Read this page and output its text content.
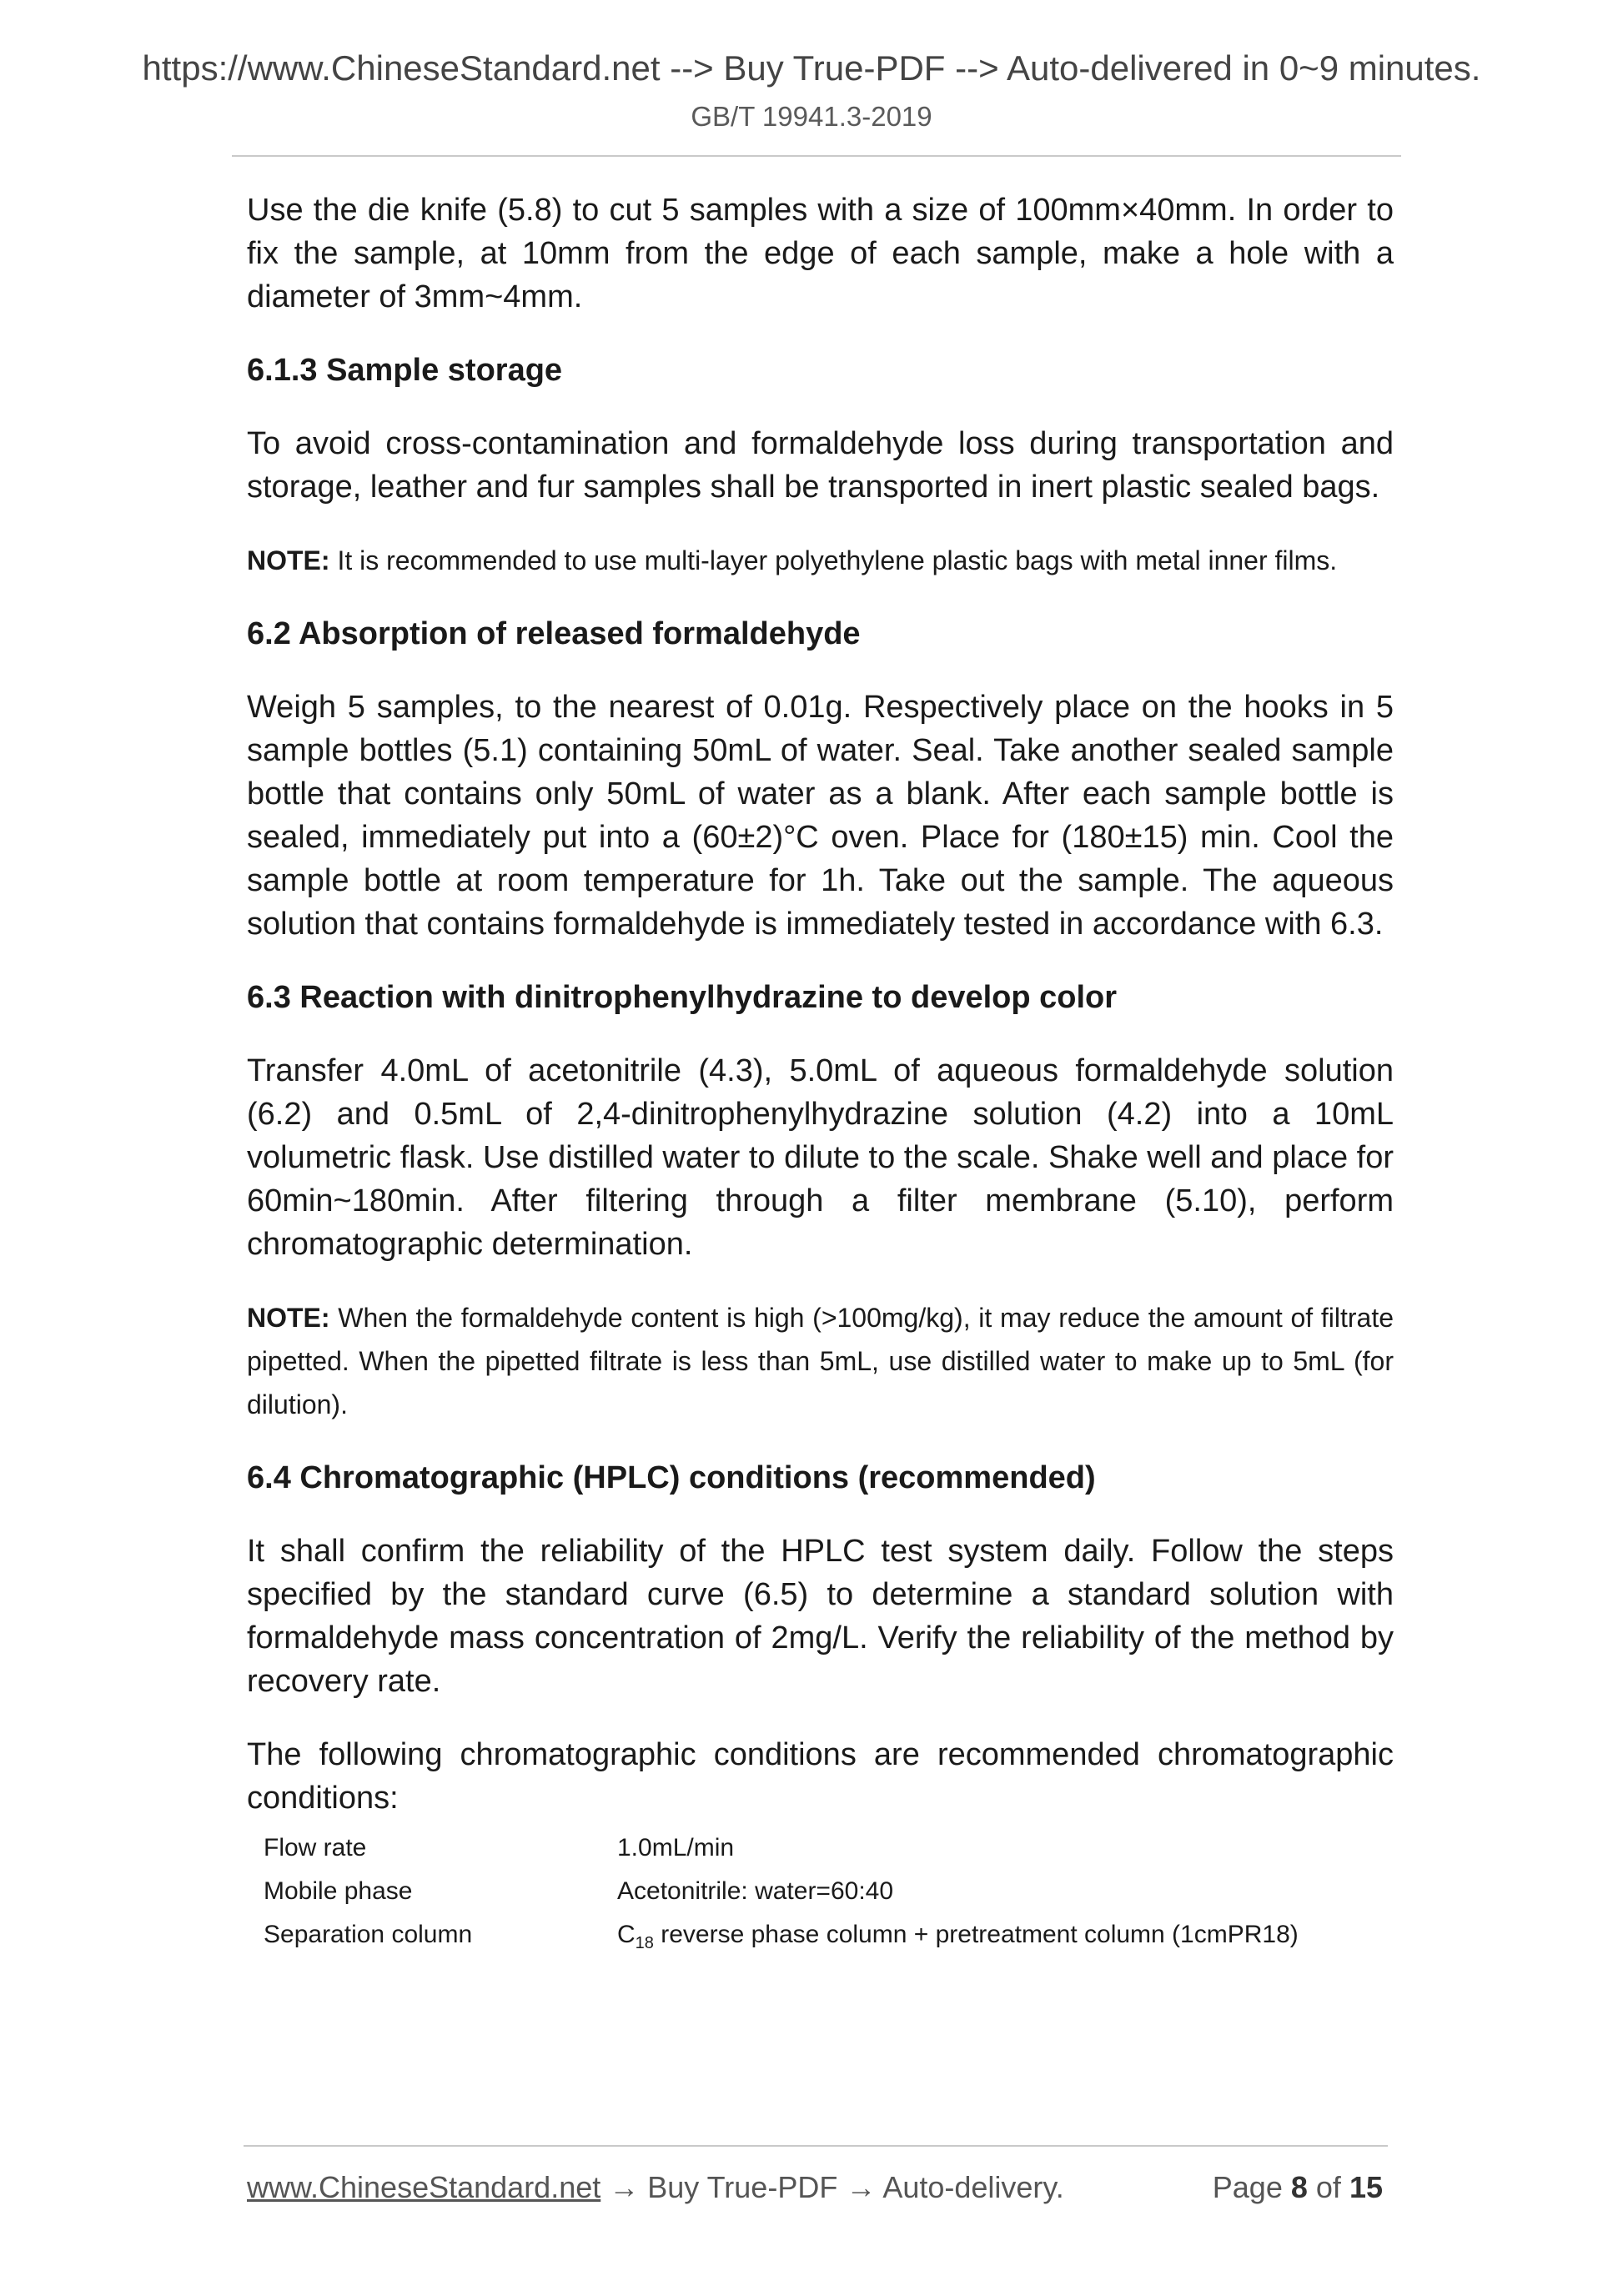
https://www.ChineseStandard.net --> Buy True-PDF --> Auto-delivered in 0~9 minutes.
GB/T 19941.3-2019

Use the die knife (5.8) to cut 5 samples with a size of 100mm×40mm. In order to fix the sample, at 10mm from the edge of each sample, make a hole with a diameter of 3mm~4mm.

6.1.3 Sample storage

To avoid cross-contamination and formaldehyde loss during transportation and storage, leather and fur samples shall be transported in inert plastic sealed bags.

NOTE: It is recommended to use multi-layer polyethylene plastic bags with metal inner films.

6.2 Absorption of released formaldehyde

Weigh 5 samples, to the nearest of 0.01g. Respectively place on the hooks in 5 sample bottles (5.1) containing 50mL of water. Seal. Take another sealed sample bottle that contains only 50mL of water as a blank. After each sample bottle is sealed, immediately put into a (60±2)°C oven. Place for (180±15) min. Cool the sample bottle at room temperature for 1h. Take out the sample. The aqueous solution that contains formaldehyde is immediately tested in accordance with 6.3.

6.3 Reaction with dinitrophenylhydrazine to develop color

Transfer 4.0mL of acetonitrile (4.3), 5.0mL of aqueous formaldehyde solution (6.2) and 0.5mL of 2,4-dinitrophenylhydrazine solution (4.2) into a 10mL volumetric flask. Use distilled water to dilute to the scale. Shake well and place for 60min~180min. After filtering through a filter membrane (5.10), perform chromatographic determination.

NOTE: When the formaldehyde content is high (>100mg/kg), it may reduce the amount of filtrate pipetted. When the pipetted filtrate is less than 5mL, use distilled water to make up to 5mL (for dilution).

6.4 Chromatographic (HPLC) conditions (recommended)

It shall confirm the reliability of the HPLC test system daily. Follow the steps specified by the standard curve (6.5) to determine a standard solution with formaldehyde mass concentration of 2mg/L. Verify the reliability of the method by recovery rate.

The following chromatographic conditions are recommended chromatographic conditions:

Flow rate	1.0mL/min
Mobile phase	Acetonitrile: water=60:40
Separation column	$C_{18}$ reverse phase column + pretreatment column (1cmPR18)
www.ChineseStandard.net → Buy True-PDF → Auto-delivery.	Page 8 of 15
